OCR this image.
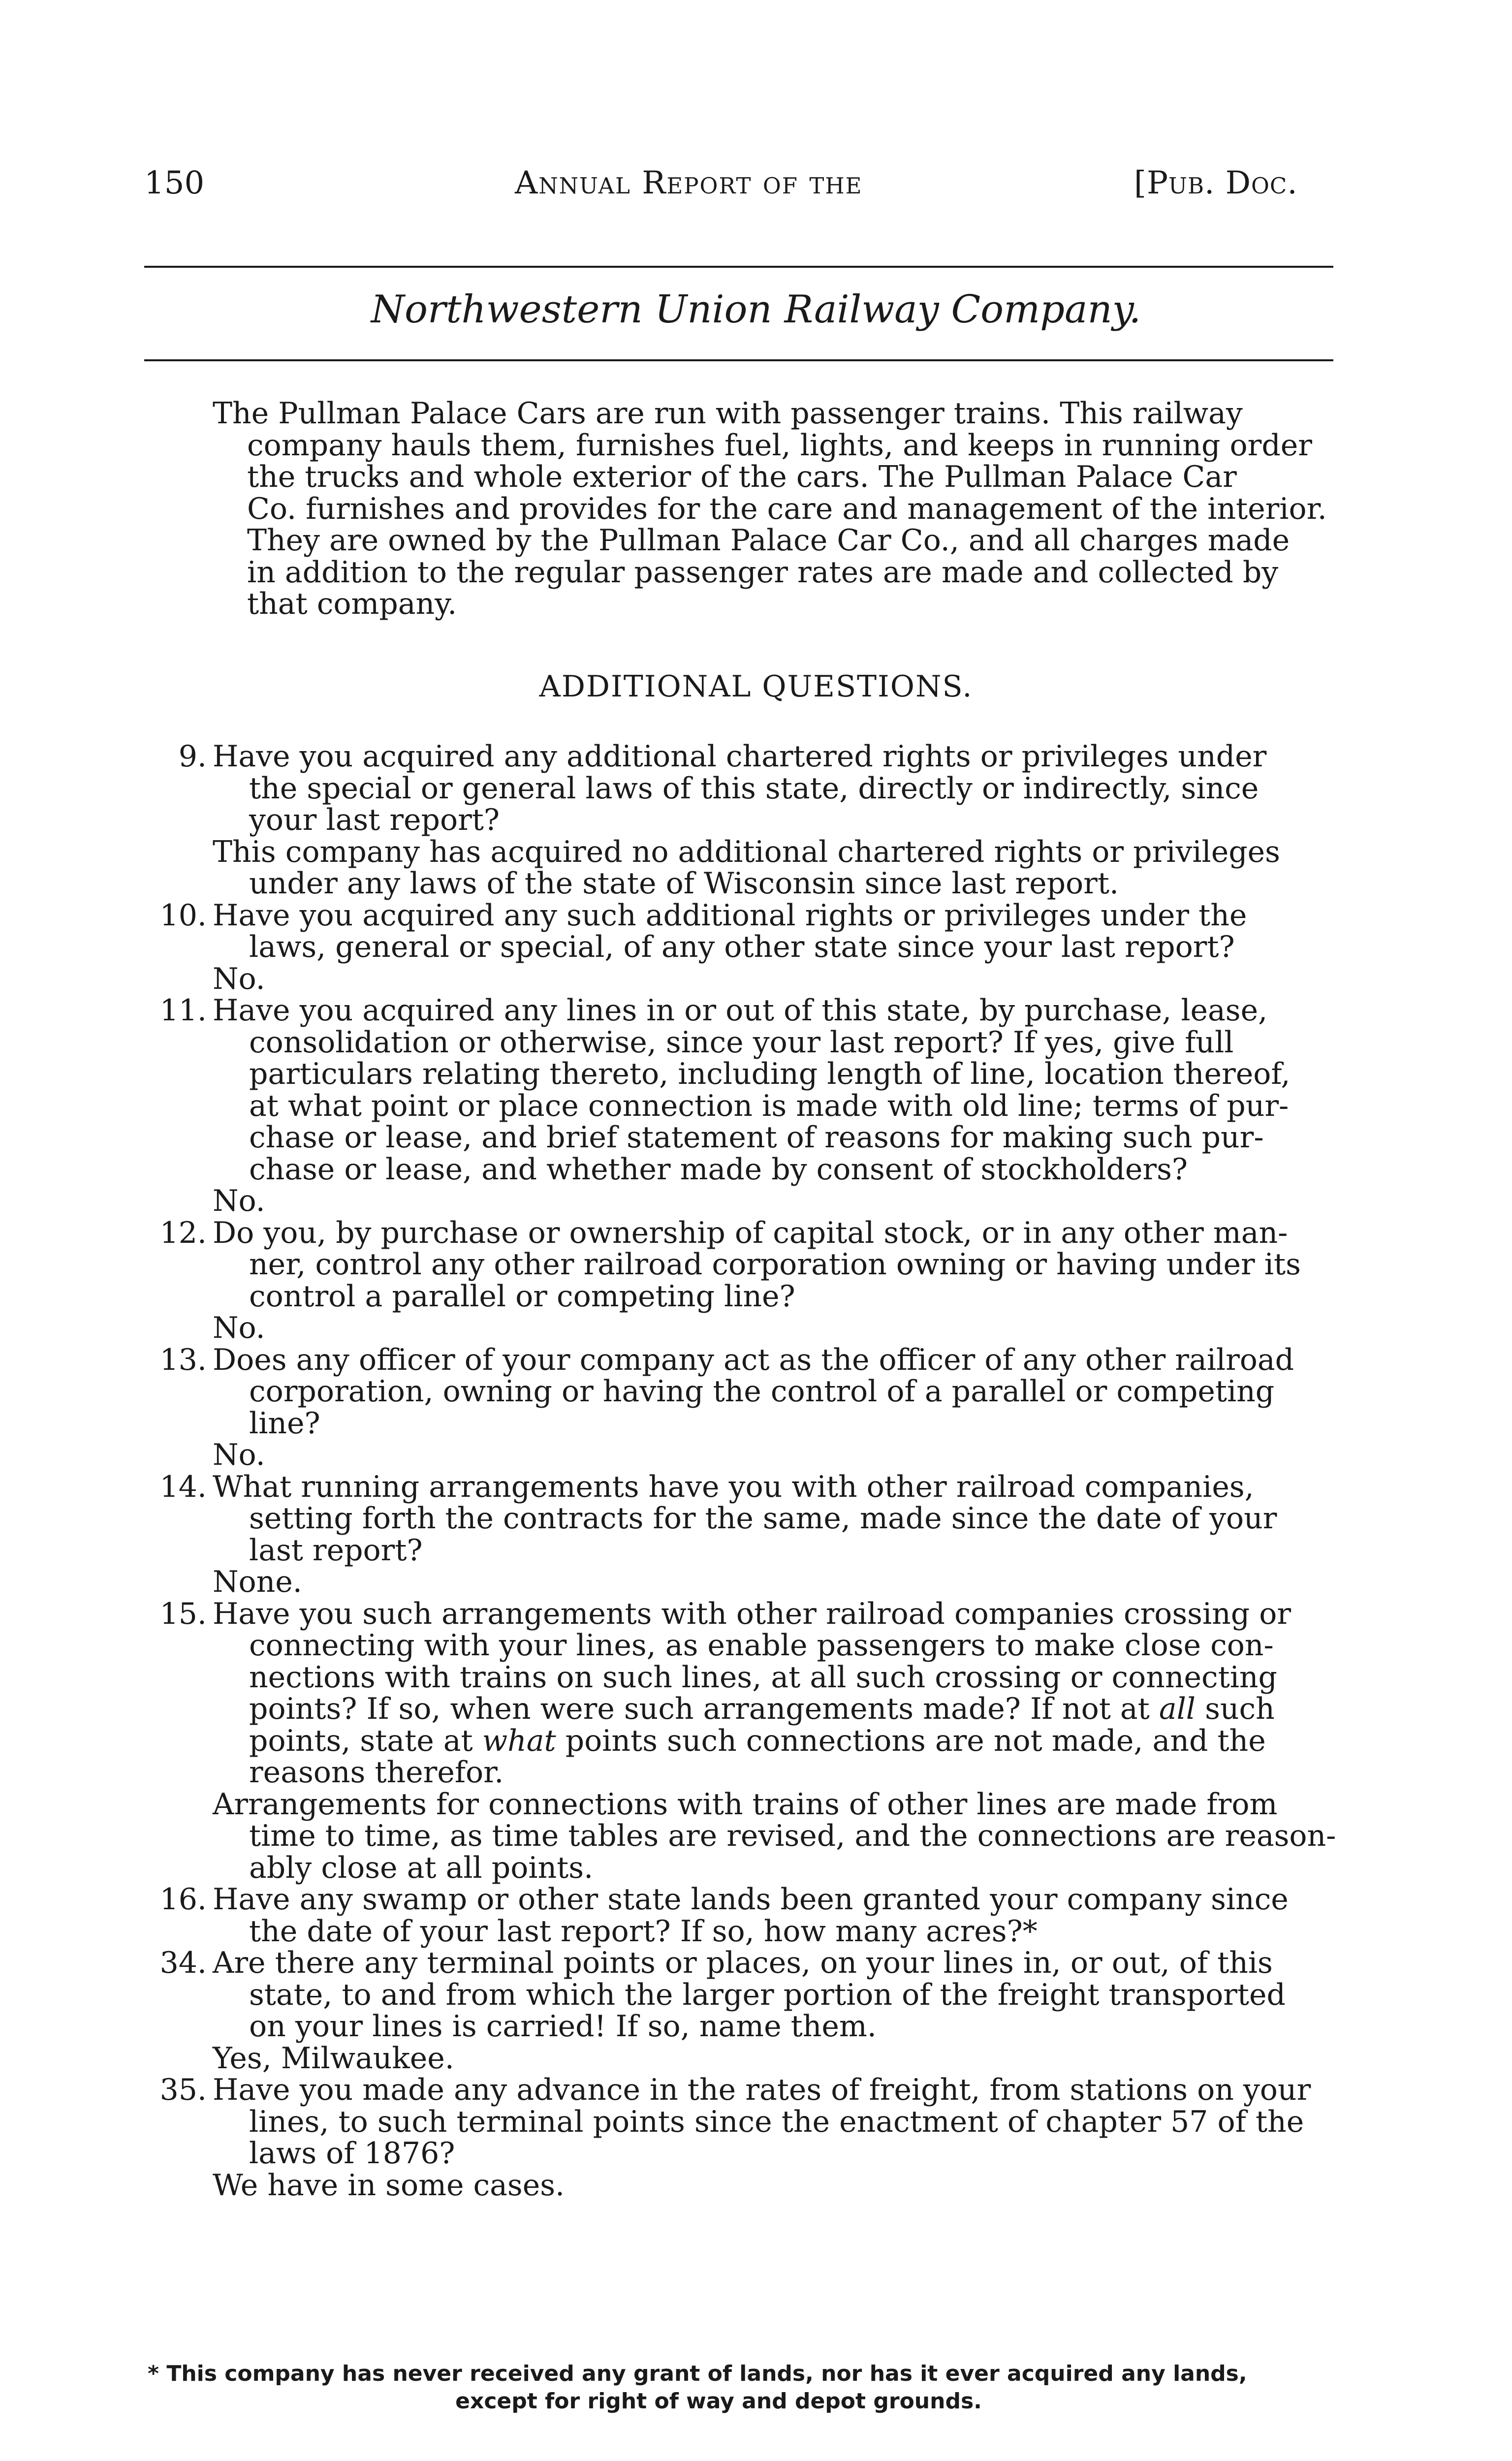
150	Annual Report of the	[Pub. Doc.
Northwestern Union Railway Company.

The Pullman Palace Cars are run with passenger trains. This railway
company hauls them, furnishes fuel, lights, and keeps in running order
the trucks and whole exterior of the cars. The Pullman Palace Car
Co. furnishes and provides for the care and management of the interior.
They are owned by the Pullman Palace Car Co., and all charges made
in addition to the regular passenger rates are made and collected by
that company.

ADDITIONAL QUESTIONS.
9. Have you acquired any additional chartered rights or privileges under
the special or general laws of this state, directly or indirectly, since
your last report?
This company has acquired no additional chartered rights or privileges
under any laws of the state of Wisconsin since last report.
10. Have you acquired any such additional rights or privileges under the
laws, general or special, of any other state since your last report?
No.
11. Have you acquired any lines in or out of this state, by purchase, lease,
consolidation or otherwise, since your last report? If yes, give full
particulars relating thereto, including length of line, location thereof,
at what point or place connection is made with old line; terms of pur-
chase or lease, and brief statement of reasons for making such pur-
chase or lease, and whether made by consent of stockholders?
No.
12. Do you, by purchase or ownership of capital stock, or in any other man-
ner, control any other railroad corporation owning or having under its
control a parallel or competing line?
No.
13. Does any officer of your company act as the officer of any other railroad
corporation, owning or having the control of a parallel or competing
line?
No.
14. What running arrangements have you with other railroad companies,
setting forth the contracts for the same, made since the date of your
last report?
None.
15. Have you such arrangements with other railroad companies crossing or
connecting with your lines, as enable passengers to make close con-
nections with trains on such lines, at all such crossing or connecting
points? If so, when were such arrangements made? If not at all such
points, state at what points such connections are not made, and the
reasons therefor.
Arrangements for connections with trains of other lines are made from
time to time, as time tables are revised, and the connections are reason-
ably close at all points.
16. Have any swamp or other state lands been granted your company since
the date of your last report? If so, how many acres?*
34. Are there any terminal points or places, on your lines in, or out, of this
state, to and from which the larger portion of the freight transported
on your lines is carried! If so, name them.
Yes, Milwaukee.
35. Have you made any advance in the rates of freight, from stations on your
lines, to such terminal points since the enactment of chapter 57 of the
laws of 1876?
We have in some cases.
* This company has never received any grant of lands, nor has it ever acquired any lands,
except for right of way and depot grounds.
